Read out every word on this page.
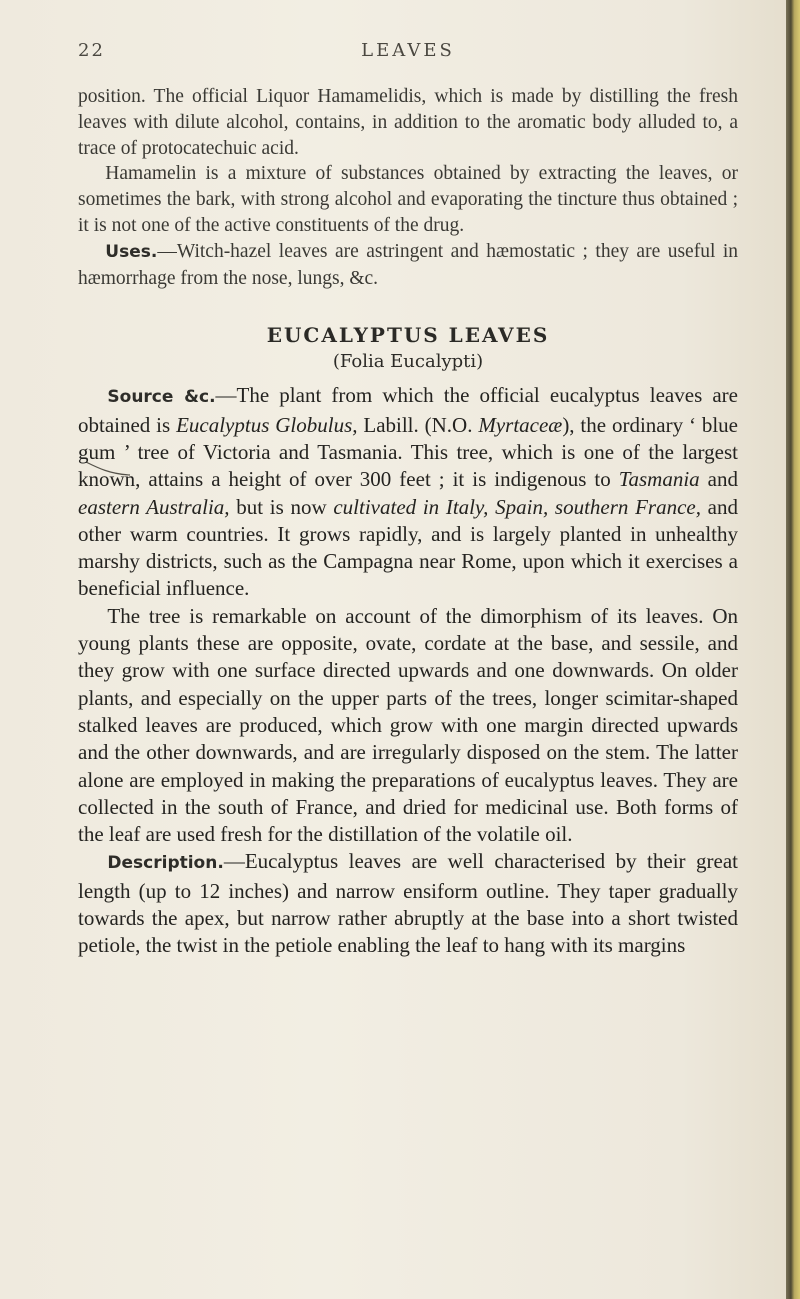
22	LEAVES

position. The official Liquor Hamamelidis, which is made by distilling the fresh leaves with dilute alcohol, contains, in addition to the aromatic body alluded to, a trace of protocatechuic acid.

Hamamelin is a mixture of substances obtained by extracting the leaves, or sometimes the bark, with strong alcohol and evaporating the tincture thus obtained ; it is not one of the active constituents of the drug.

Uses.—Witch-hazel leaves are astringent and hæmostatic ; they are useful in hæmorrhage from the nose, lungs, &c.

EUCALYPTUS LEAVES
(Folia Eucalypti)

Source &c.—The plant from which the official eucalyptus leaves are obtained is Eucalyptus Globulus, Labill. (N.O. Myrtaceæ), the ordinary ‘ blue gum ’ tree of Victoria and Tasmania. This tree, which is one of the largest known, attains a height of over 300 feet ; it is indigenous to Tasmania and eastern Australia, but is now cultivated in Italy, Spain, southern France, and other warm countries. It grows rapidly, and is largely planted in unhealthy marshy districts, such as the Campagna near Rome, upon which it exercises a beneficial influence.

The tree is remarkable on account of the dimorphism of its leaves. On young plants these are opposite, ovate, cordate at the base, and sessile, and they grow with one surface directed upwards and one downwards. On older plants, and especially on the upper parts of the trees, longer scimitar-shaped stalked leaves are produced, which grow with one margin directed upwards and the other downwards, and are irregularly disposed on the stem. The latter alone are employed in making the preparations of eucalyptus leaves. They are collected in the south of France, and dried for medicinal use. Both forms of the leaf are used fresh for the distillation of the volatile oil.

Description.—Eucalyptus leaves are well characterised by their great length (up to 12 inches) and narrow ensiform outline. They taper gradually towards the apex, but narrow rather abruptly at the base into a short twisted petiole, the twist in the petiole enabling the leaf to hang with its margins
